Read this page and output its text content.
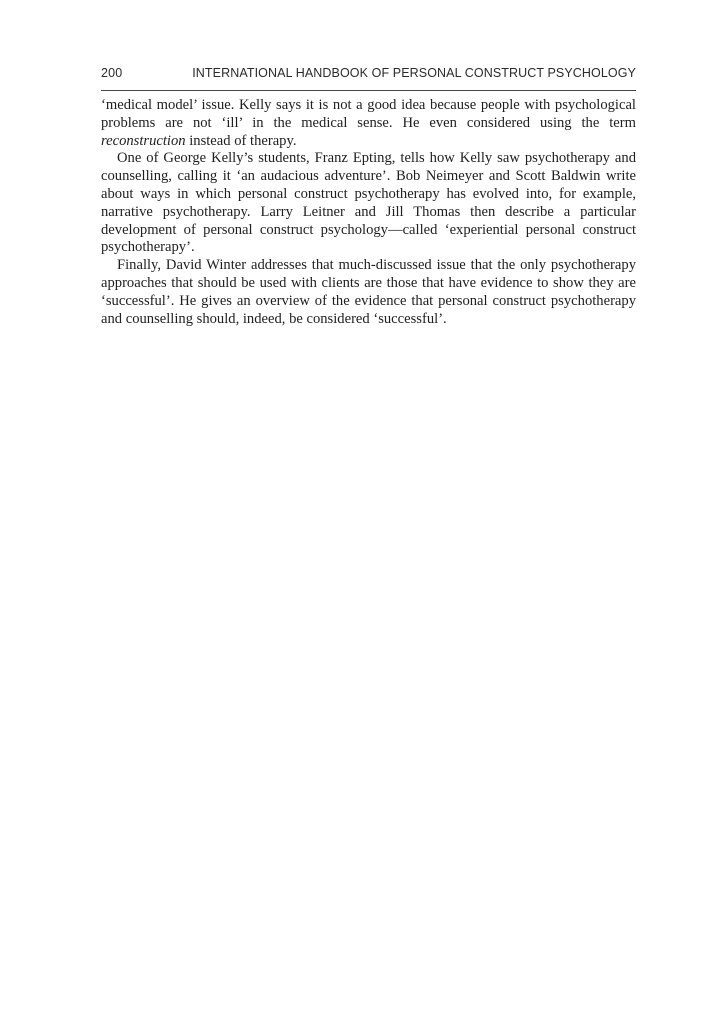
200	INTERNATIONAL HANDBOOK OF PERSONAL CONSTRUCT PSYCHOLOGY

‘medical model’ issue. Kelly says it is not a good idea because people with psychological problems are not ‘ill’ in the medical sense. He even considered using the term reconstruction instead of therapy.

One of George Kelly’s students, Franz Epting, tells how Kelly saw psychotherapy and counselling, calling it ‘an audacious adventure’. Bob Neimeyer and Scott Baldwin write about ways in which personal construct psychotherapy has evolved into, for example, narrative psychotherapy. Larry Leitner and Jill Thomas then describe a particular development of personal construct psychology—called ‘experiential personal construct psychotherapy’.

Finally, David Winter addresses that much-discussed issue that the only psychotherapy approaches that should be used with clients are those that have evidence to show they are ‘successful’. He gives an overview of the evidence that personal construct psychotherapy and counselling should, indeed, be considered ‘successful’.
